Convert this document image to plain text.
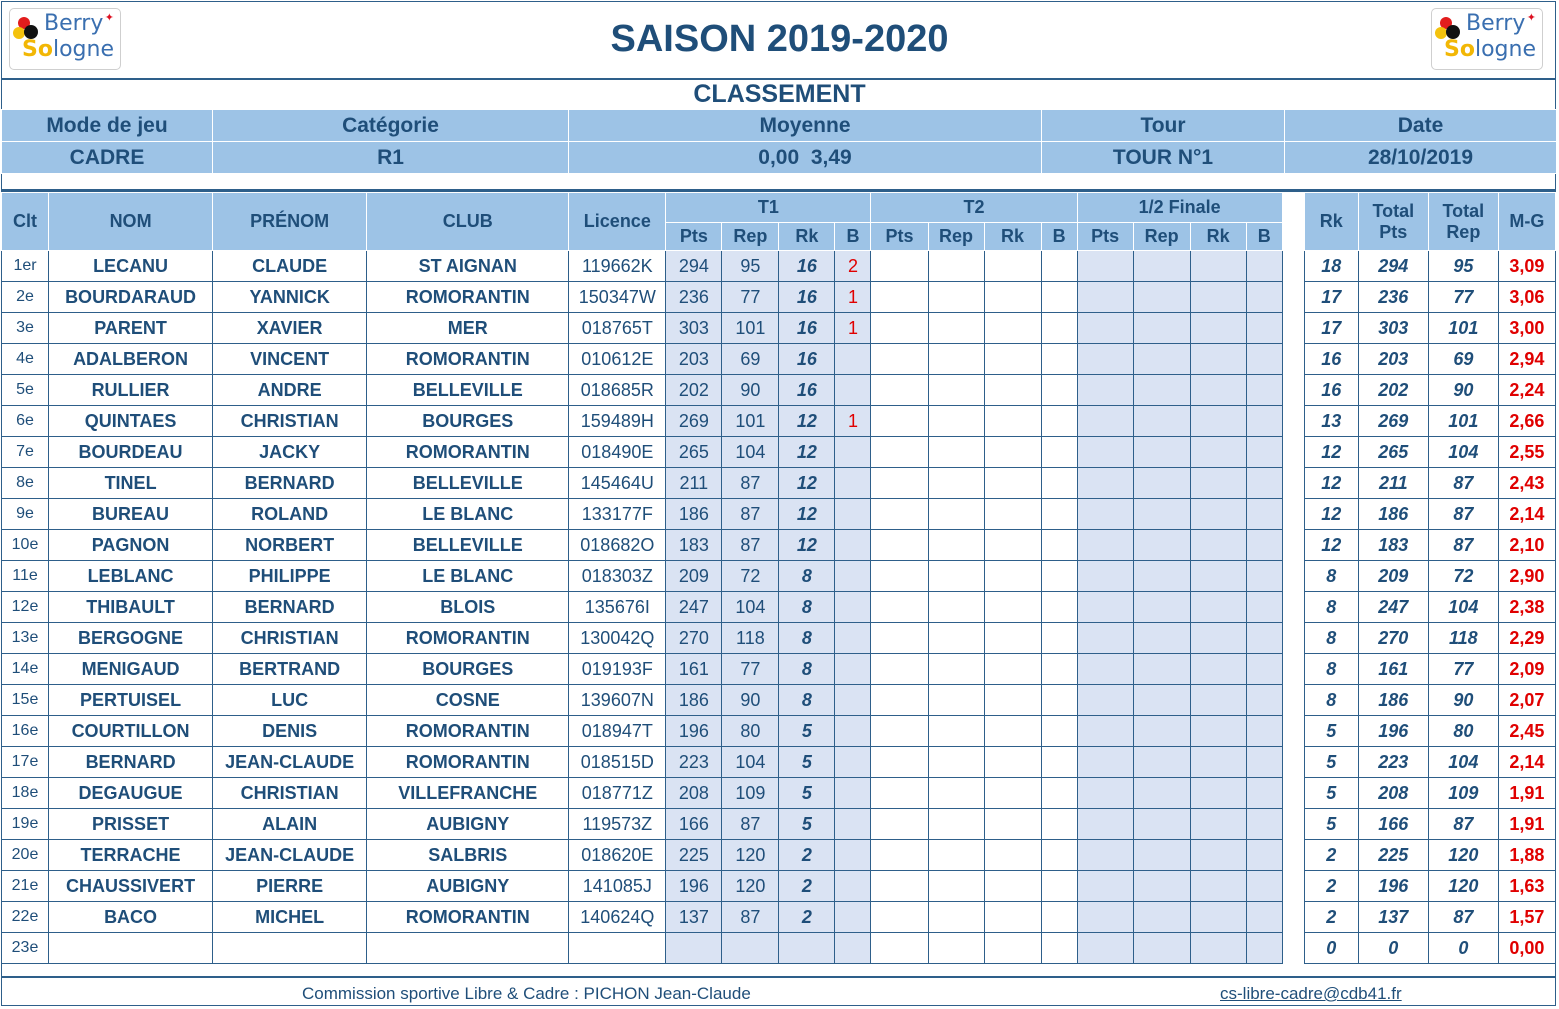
✦
Berry
Sologne
✦
Berry
Sologne
SAISON 2019-2020
CLASSEMENT
Mode de jeu	Catégorie	Moyenne	Tour	Date
CADRE	R1	0,00  3,49	TOUR N°1	28/10/2019
Clt	NOM	PRÉNOM	CLUB	Licence	T1				T2				1/2 Finale					Rk	Total Pts	Total Rep	M-G
					Pts	Rep	Rk	B	Pts	Rep	Rk	B	Pts	Rep	Rk	B					
1er	LECANU	CLAUDE	ST AIGNAN	119662K	294	95	16	2										18	294	95	3,09
2e	BOURDARAUD	YANNICK	ROMORANTIN	150347W	236	77	16	1										17	236	77	3,06
3e	PARENT	XAVIER	MER	018765T	303	101	16	1										17	303	101	3,00
4e	ADALBERON	VINCENT	ROMORANTIN	010612E	203	69	16											16	203	69	2,94
5e	RULLIER	ANDRE	BELLEVILLE	018685R	202	90	16											16	202	90	2,24
6e	QUINTAES	CHRISTIAN	BOURGES	159489H	269	101	12	1										13	269	101	2,66
7e	BOURDEAU	JACKY	ROMORANTIN	018490E	265	104	12											12	265	104	2,55
8e	TINEL	BERNARD	BELLEVILLE	145464U	211	87	12											12	211	87	2,43
9e	BUREAU	ROLAND	LE BLANC	133177F	186	87	12											12	186	87	2,14
10e	PAGNON	NORBERT	BELLEVILLE	018682O	183	87	12											12	183	87	2,10
11e	LEBLANC	PHILIPPE	LE BLANC	018303Z	209	72	8											8	209	72	2,90
12e	THIBAULT	BERNARD	BLOIS	135676I	247	104	8											8	247	104	2,38
13e	BERGOGNE	CHRISTIAN	ROMORANTIN	130042Q	270	118	8											8	270	118	2,29
14e	MENIGAUD	BERTRAND	BOURGES	019193F	161	77	8											8	161	77	2,09
15e	PERTUISEL	LUC	COSNE	139607N	186	90	8											8	186	90	2,07
16e	COURTILLON	DENIS	ROMORANTIN	018947T	196	80	5											5	196	80	2,45
17e	BERNARD	JEAN-CLAUDE	ROMORANTIN	018515D	223	104	5											5	223	104	2,14
18e	DEGAUGUE	CHRISTIAN	VILLEFRANCHE	018771Z	208	109	5											5	208	109	1,91
19e	PRISSET	ALAIN	AUBIGNY	119573Z	166	87	5											5	166	87	1,91
20e	TERRACHE	JEAN-CLAUDE	SALBRIS	018620E	225	120	2											2	225	120	1,88
21e	CHAUSSIVERT	PIERRE	AUBIGNY	141085J	196	120	2											2	196	120	1,63
22e	BACO	MICHEL	ROMORANTIN	140624Q	137	87	2											2	137	87	1,57
23e																		0	0	0	0,00
Commission sportive Libre & Cadre : PICHON Jean-Claude	cs-libre-cadre@cdb41.fr
